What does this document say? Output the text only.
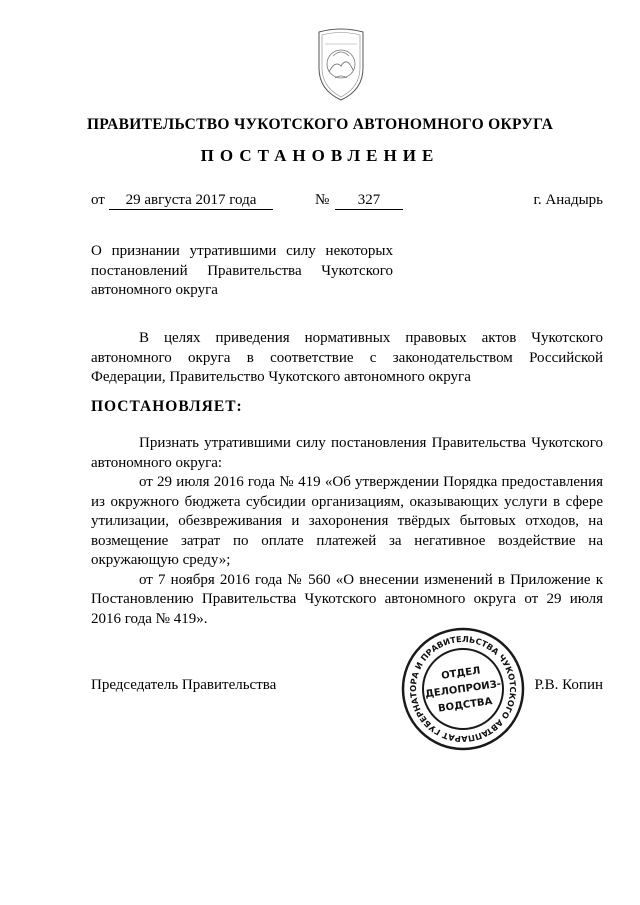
ПРАВИТЕЛЬСТВО ЧУКОТСКОГО АВТОНОМНОГО ОКРУГА
ПОСТАНОВЛЕНИЕ
от	29 августа 2017 года	№	327	г. Анадырь
О признании утратившими силу некоторых постановлений Правительства Чукотского автономного округа

В целях приведения нормативных правовых актов Чукотского автономного округа в соответствие с законодательством Российской Федерации, Правительство Чукотского автономного округа

ПОСТАНОВЛЯЕТ:

Признать утратившими силу постановления Правительства Чукотского автономного округа:

от 29 июля 2016 года № 419 «Об утверждении Порядка предоставления из окружного бюджета субсидии организациям, оказывающих услуги в сфере утилизации, обезвреживания и захоронения твёрдых бытовых отходов, на возмещение затрат по оплате платежей за негативное воздействие на окружающую среду»;

от 7 ноября 2016 года № 560 «О внесении изменений в Приложение к Постановлению Правительства Чукотского автономного округа от 29 июля 2016 года № 419».

Председатель Правительства	Р.В. Копин
АППАРАТ ГУБЕРНАТОРА И ПРАВИТЕЛЬСТВА ЧУКОТСКОГО АВТОНОМНОГО
ОТДЕЛ
ДЕЛОПРОИЗ-
ВОДСТВА
